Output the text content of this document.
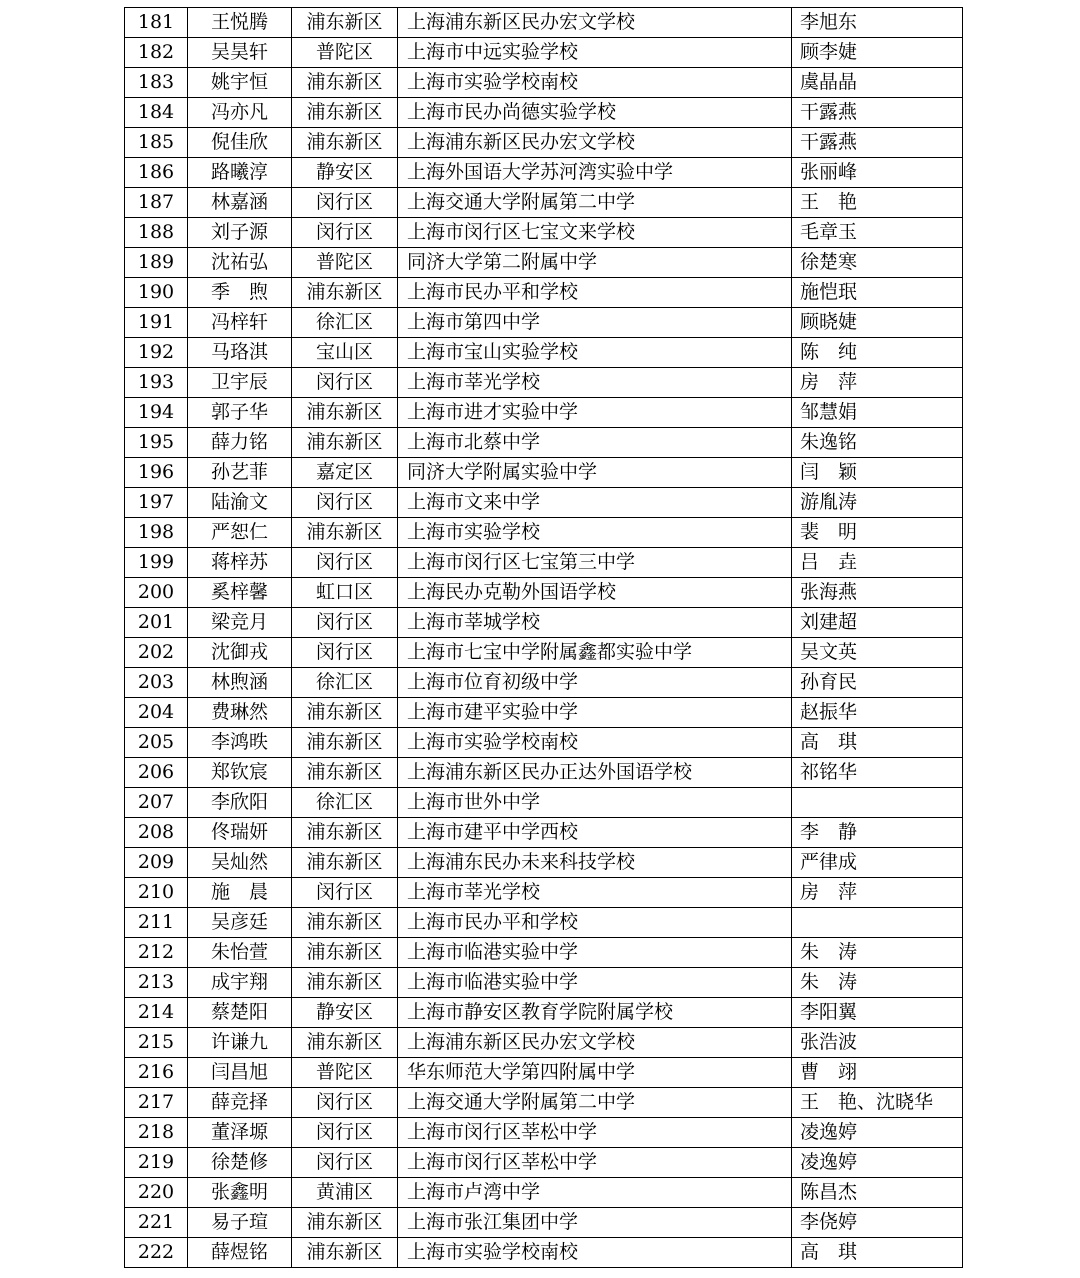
181	王悦腾	浦东新区	上海浦东新区民办宏文学校	李旭东
182	吴昊轩	普陀区	上海市中远实验学校	顾李婕
183	姚宇恒	浦东新区	上海市实验学校南校	虞晶晶
184	冯亦凡	浦东新区	上海市民办尚德实验学校	干露燕
185	倪佳欣	浦东新区	上海浦东新区民办宏文学校	干露燕
186	路曦淳	静安区	上海外国语大学苏河湾实验中学	张丽峰
187	林嘉涵	闵行区	上海交通大学附属第二中学	王　艳
188	刘子源	闵行区	上海市闵行区七宝文来学校	毛章玉
189	沈祐弘	普陀区	同济大学第二附属中学	徐楚寒
190	季　煦	浦东新区	上海市民办平和学校	施恺珉
191	冯梓轩	徐汇区	上海市第四中学	顾晓婕
192	马珞淇	宝山区	上海市宝山实验学校	陈　纯
193	卫宇辰	闵行区	上海市莘光学校	房　萍
194	郭子华	浦东新区	上海市进才实验中学	邹慧娟
195	薛力铭	浦东新区	上海市北蔡中学	朱逸铭
196	孙艺菲	嘉定区	同济大学附属实验中学	闫　颖
197	陆渝文	闵行区	上海市文来中学	游胤涛
198	严恕仁	浦东新区	上海市实验学校	裴　明
199	蒋梓苏	闵行区	上海市闵行区七宝第三中学	吕　垚
200	奚梓馨	虹口区	上海民办克勒外国语学校	张海燕
201	梁竞月	闵行区	上海市莘城学校	刘建超
202	沈御戎	闵行区	上海市七宝中学附属鑫都实验中学	吴文英
203	林煦涵	徐汇区	上海市位育初级中学	孙育民
204	费琳然	浦东新区	上海市建平实验中学	赵振华
205	李鸿昳	浦东新区	上海市实验学校南校	高　琪
206	郑钦宸	浦东新区	上海浦东新区民办正达外国语学校	祁铭华
207	李欣阳	徐汇区	上海市世外中学	
208	佟瑞妍	浦东新区	上海市建平中学西校	李　静
209	吴灿然	浦东新区	上海浦东民办未来科技学校	严律成
210	施　晨	闵行区	上海市莘光学校	房　萍
211	吴彦廷	浦东新区	上海市民办平和学校	
212	朱怡萱	浦东新区	上海市临港实验中学	朱　涛
213	成宇翔	浦东新区	上海市临港实验中学	朱　涛
214	蔡楚阳	静安区	上海市静安区教育学院附属学校	李阳翼
215	许谦九	浦东新区	上海浦东新区民办宏文学校	张浩波
216	闫昌旭	普陀区	华东师范大学第四附属中学	曹　翊
217	薛竞择	闵行区	上海交通大学附属第二中学	王　艳、沈晓华
218	董泽塬	闵行区	上海市闵行区莘松中学	凌逸婷
219	徐楚修	闵行区	上海市闵行区莘松中学	凌逸婷
220	张鑫明	黄浦区	上海市卢湾中学	陈昌杰
221	易子瑄	浦东新区	上海市张江集团中学	李侥婷
222	薛煜铭	浦东新区	上海市实验学校南校	高　琪
